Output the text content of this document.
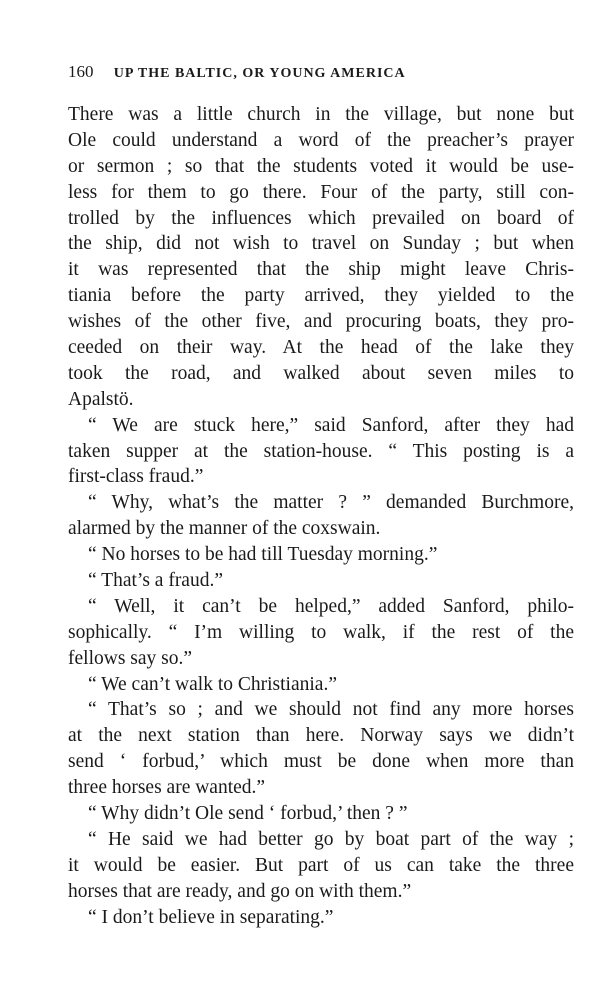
160 UP THE BALTIC, OR YOUNG AMERICA
There was a little church in the village, but none but
Ole could understand a word of the preacher’s prayer
or sermon ; so that the students voted it would be use-
less for them to go there. Four of the party, still con-
trolled by the influences which prevailed on board of
the ship, did not wish to travel on Sunday ; but when
it was represented that the ship might leave Chris-
tiania before the party arrived, they yielded to the
wishes of the other five, and procuring boats, they pro-
ceeded on their way. At the head of the lake they
took the road, and walked about seven miles to
Apalstö.
“ We are stuck here,” said Sanford, after they had
taken supper at the station-house. “ This posting is a
first-class fraud.”
“ Why, what’s the matter ? ” demanded Burchmore,
alarmed by the manner of the coxswain.
“ No horses to be had till Tuesday morning.”
“ That’s a fraud.”
“ Well, it can’t be helped,” added Sanford, philo-
sophically. “ I’m willing to walk, if the rest of the
fellows say so.”
“ We can’t walk to Christiania.”
“ That’s so ; and we should not find any more horses
at the next station than here. Norway says we didn’t
send ‘ forbud,’ which must be done when more than
three horses are wanted.”
“ Why didn’t Ole send ‘ forbud,’ then ? ”
“ He said we had better go by boat part of the way ;
it would be easier. But part of us can take the three
horses that are ready, and go on with them.”
“ I don’t believe in separating.”
